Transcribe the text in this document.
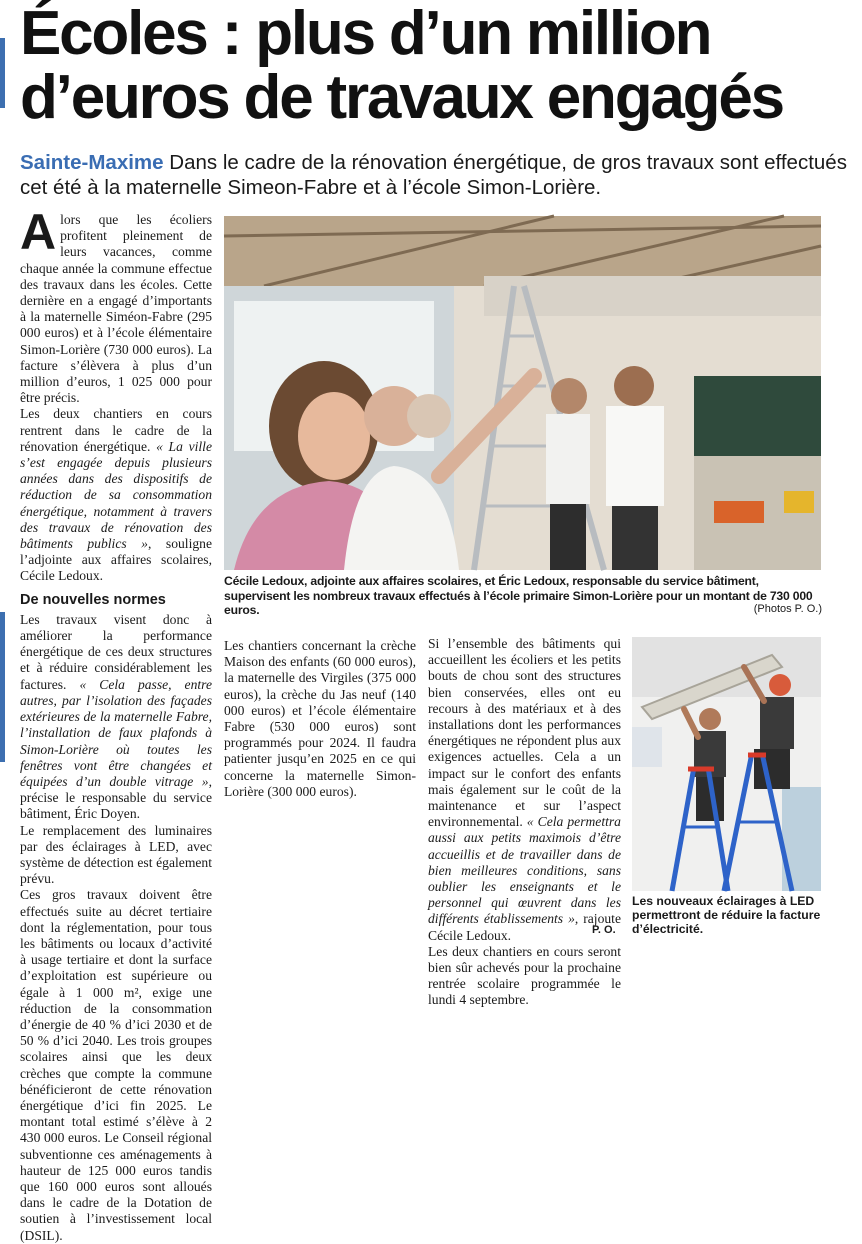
Écoles : plus d’un million
d’euros de travaux engagés
Sainte-Maxime Dans le cadre de la rénovation énergétique, de gros travaux sont effectués cet été à la maternelle Simeon-Fabre et à l’école Simon-Lorière.

Alors que les écoliers profitent pleinement de leurs vacances, comme chaque année la commune effectue des travaux dans les écoles. Cette dernière en a engagé d’importants à la maternelle Siméon-Fabre (295 000 euros) et à l’école élémentaire Simon-Lorière (730 000 euros). La facture s’élèvera à plus d’un million d’euros, 1 025 000 pour être précis.

Les deux chantiers en cours rentrent dans le cadre de la rénovation énergétique. « La ville s’est engagée depuis plusieurs années dans des dispositifs de réduction de sa consommation énergétique, notamment à travers des travaux de rénovation des bâtiments publics », souligne l’adjointe aux affaires scolaires, Cécile Ledoux.

De nouvelles normes

Les travaux visent donc à améliorer la performance énergétique de ces deux structures et à réduire considérablement les factures. « Cela passe, entre autres, par l’isolation des façades extérieures de la maternelle Fabre, l’installation de faux plafonds à Simon-Lorière où toutes les fenêtres vont être changées et équipées d’un double vitrage », précise le responsable du service bâtiment, Éric Doyen.

Le remplacement des luminaires par des éclairages à LED, avec système de détection est également prévu.

Ces gros travaux doivent être effectués suite au décret tertiaire dont la réglementation, pour tous les bâtiments ou locaux d’activité à usage tertiaire et dont la surface d’exploitation est supérieure ou égale à 1 000 m², exige une réduction de la consommation d’énergie de 40 % d’ici 2030 et de 50 % d’ici 2040. Les trois groupes scolaires ainsi que les deux crèches que compte la commune bénéficieront de cette rénovation énergétique d’ici fin 2025. Le montant total estimé s’élève à 2 430 000 euros. Le Conseil régional subventionne ces aménagements à hauteur de 125 000 euros tandis que 160 000 euros sont alloués dans le cadre de la Dotation de soutien à l’investissement local (DSIL).

Cécile Ledoux, adjointe aux affaires scolaires, et Éric Ledoux, responsable du service bâtiment, supervisent les nombreux travaux effectués à l’école primaire Simon-Lorière pour un montant de 730 000 euros.	(Photos P. O.)

Les chantiers concernant la crèche Maison des enfants (60 000 euros), la maternelle des Virgiles (375 000 euros), la crèche du Jas neuf (140 000 euros) et l’école élémentaire Fabre (530 000 euros) sont programmés pour 2024. Il faudra patienter jusqu’en 2025 en ce qui concerne la maternelle Simon-Lorière (300 000 euros).

Si l’ensemble des bâtiments qui accueillent les écoliers et les petits bouts de chou sont des structures bien conservées, elles ont eu recours à des matériaux et à des installations dont les performances énergétiques ne répondent plus aux exigences actuelles. Cela a un impact sur le confort des enfants mais également sur le coût de la maintenance et sur l’aspect environnemental. « Cela permettra aussi aux petits maximois d’être accueillis et de travailler dans de bien meilleures conditions, sans oublier les enseignants et le personnel qui œuvrent dans les différents établissements », rajoute Cécile Ledoux.

Les deux chantiers en cours seront bien sûr achevés pour la prochaine rentrée scolaire programmée le lundi 4 septembre.

Les nouveaux éclairages à LED permettront de réduire la facture d’électricité.
P. O.
